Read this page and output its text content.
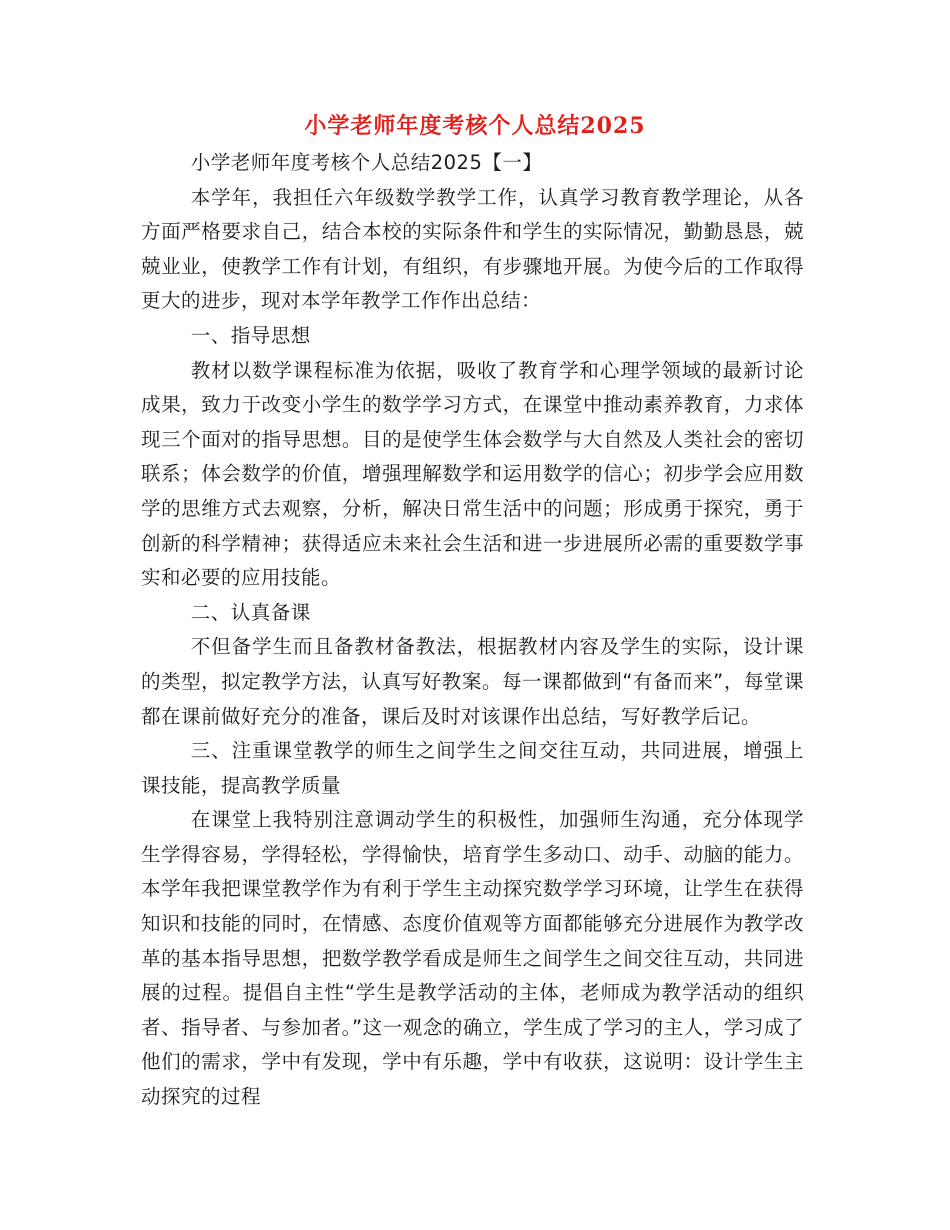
小学老师年度考核个人总结2025

小学老师年度考核个人总结2025【一】

本学年，我担任六年级数学教学工作，认真学习教育教学理论，从各方面严格要求自己，结合本校的实际条件和学生的实际情况，勤勤恳恳，兢兢业业，使教学工作有计划，有组织，有步骤地开展。为使今后的工作取得更大的进步，现对本学年教学工作作出总结：

一、指导思想

教材以数学课程标准为依据，吸收了教育学和心理学领域的最新讨论成果，致力于改变小学生的数学学习方式，在课堂中推动素养教育，力求体现三个面对的指导思想。目的是使学生体会数学与大自然及人类社会的密切联系；体会数学的价值，增强理解数学和运用数学的信心；初步学会应用数学的思维方式去观察，分析，解决日常生活中的问题；形成勇于探究，勇于创新的科学精神；获得适应未来社会生活和进一步进展所必需的重要数学事实和必要的应用技能。

二、认真备课

不但备学生而且备教材备教法，根据教材内容及学生的实际，设计课的类型，拟定教学方法，认真写好教案。每一课都做到“有备而来”，每堂课都在课前做好充分的准备，课后及时对该课作出总结，写好教学后记。

三、注重课堂教学的师生之间学生之间交往互动，共同进展，增强上课技能，提高教学质量

在课堂上我特别注意调动学生的积极性，加强师生沟通，充分体现学生学得容易，学得轻松，学得愉快，培育学生多动口、动手、动脑的能力。本学年我把课堂教学作为有利于学生主动探究数学学习环境，让学生在获得知识和技能的同时，在情感、态度价值观等方面都能够充分进展作为教学改革的基本指导思想，把数学教学看成是师生之间学生之间交往互动，共同进展的过程。提倡自主性“学生是教学活动的主体，老师成为教学活动的组织者、指导者、与参加者。”这一观念的确立，学生成了学习的主人，学习成了他们的需求，学中有发现，学中有乐趣，学中有收获，这说明：设计学生主动探究的过程
